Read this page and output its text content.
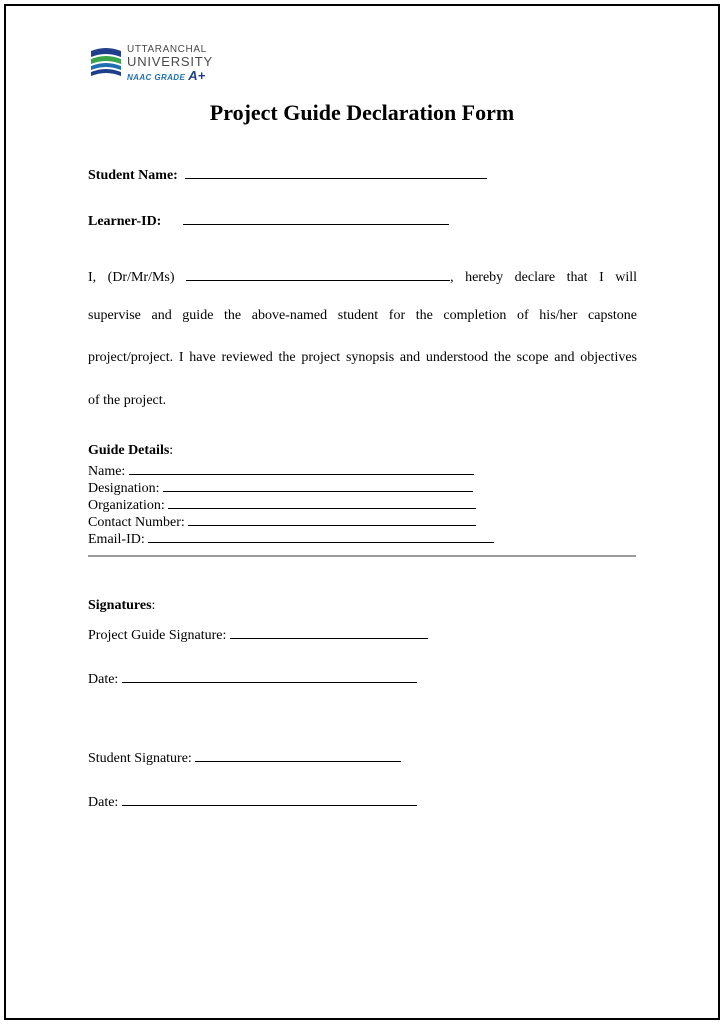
UTTARANCHAL
UNIVERSITY
NAAC GRADE A+
Project Guide Declaration Form
Student Name:
Learner-ID:
I, (Dr/Mr/Ms)	, hereby declare that I will
supervise and guide the above-named student for the completion of his/her capstone
project/project. I have reviewed the project synopsis and understood the scope and objectives
of the project.
Guide Details:
Name:
Designation:
Organization:
Contact Number:
Email-ID:
Signatures:
Project Guide Signature:
Date:
Student Signature:
Date:
